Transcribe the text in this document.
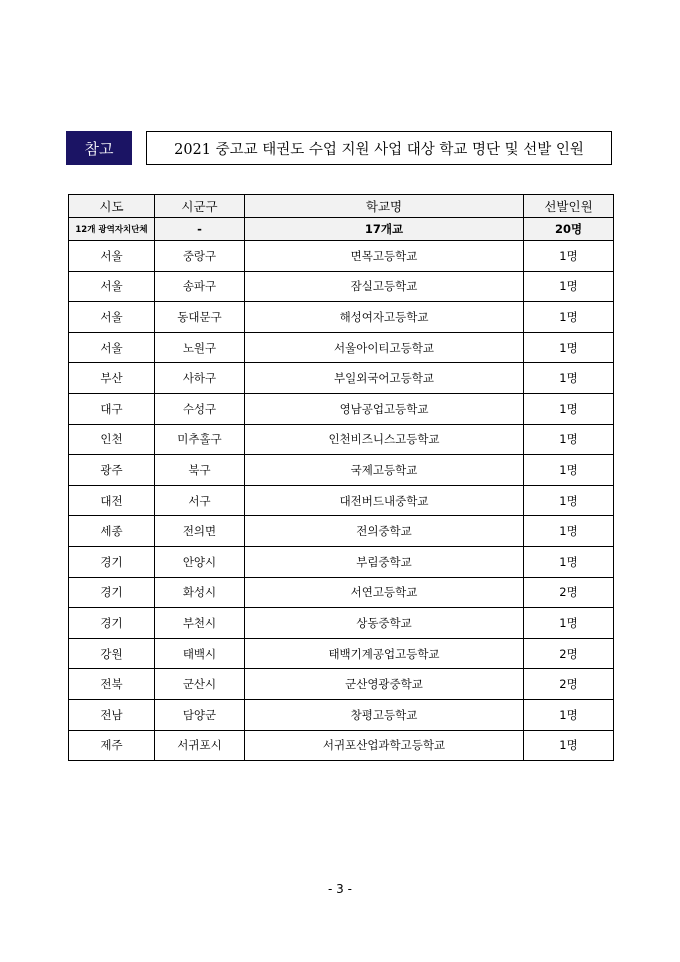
참고	2021 중고교 태권도 수업 지원 사업 대상 학교 명단 및 선발 인원
시도	시군구	학교명	선발인원
12개 광역자치단체	-	17개교	20명
서울	중랑구	면목고등학교	1명
서울	송파구	잠실고등학교	1명
서울	동대문구	해성여자고등학교	1명
서울	노원구	서울아이티고등학교	1명
부산	사하구	부일외국어고등학교	1명
대구	수성구	영남공업고등학교	1명
인천	미추홀구	인천비즈니스고등학교	1명
광주	북구	국제고등학교	1명
대전	서구	대전버드내중학교	1명
세종	전의면	전의중학교	1명
경기	안양시	부림중학교	1명
경기	화성시	서연고등학교	2명
경기	부천시	상동중학교	1명
강원	태백시	태백기계공업고등학교	2명
전북	군산시	군산영광중학교	2명
전남	담양군	창평고등학교	1명
제주	서귀포시	서귀포산업과학고등학교	1명
- 3 -
